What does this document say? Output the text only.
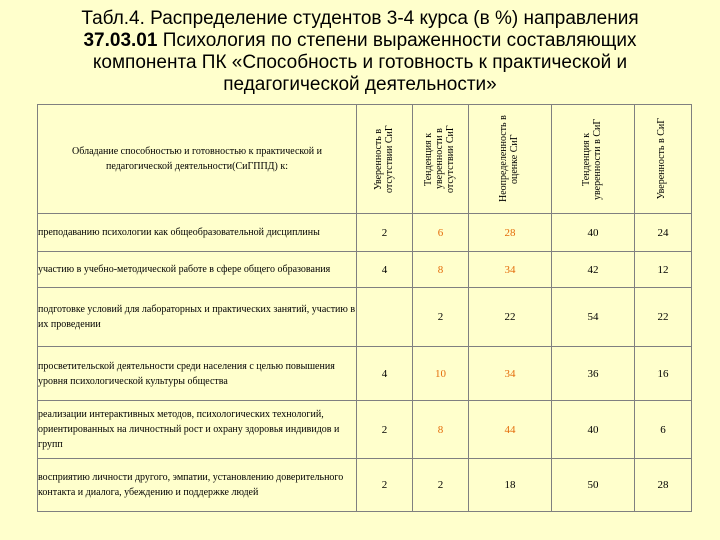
Табл.4. Распределение студентов 3-4 курса (в %) направления
37.03.01 Психология по степени выраженности составляющих
компонента ПК «Способность и готовность к практической и
педагогической деятельности»
Обладание способностью и готовностью к практической и педагогической деятельности(СиГППД) к:	Уверенность в отсутствии СиГ	Тенденция к уверенности в отсутствии СиГ	Неопределенность в оценке СиГ	Тенденция к уверенности в СиГ	Уверенность в СиГ

преподаванию психологии как общеобразовательной дисциплины	2	6	28	40	24
участию в учебно-методической работе в сфере общего образования	4	8	34	42	12
подготовке условий для лабораторных и практических занятий, участию в их проведении		2	22	54	22
просветительской деятельности среди населения с целью повышения уровня психологической культуры общества	4	10	34	36	16
реализации интерактивных методов, психологических технологий, ориентированных на личностный рост и охрану здоровья индивидов и групп	2	8	44	40	6
восприятию личности другого, эмпатии, установлению доверительного контакта и диалога, убеждению и поддержке людей	2	2	18	50	28
